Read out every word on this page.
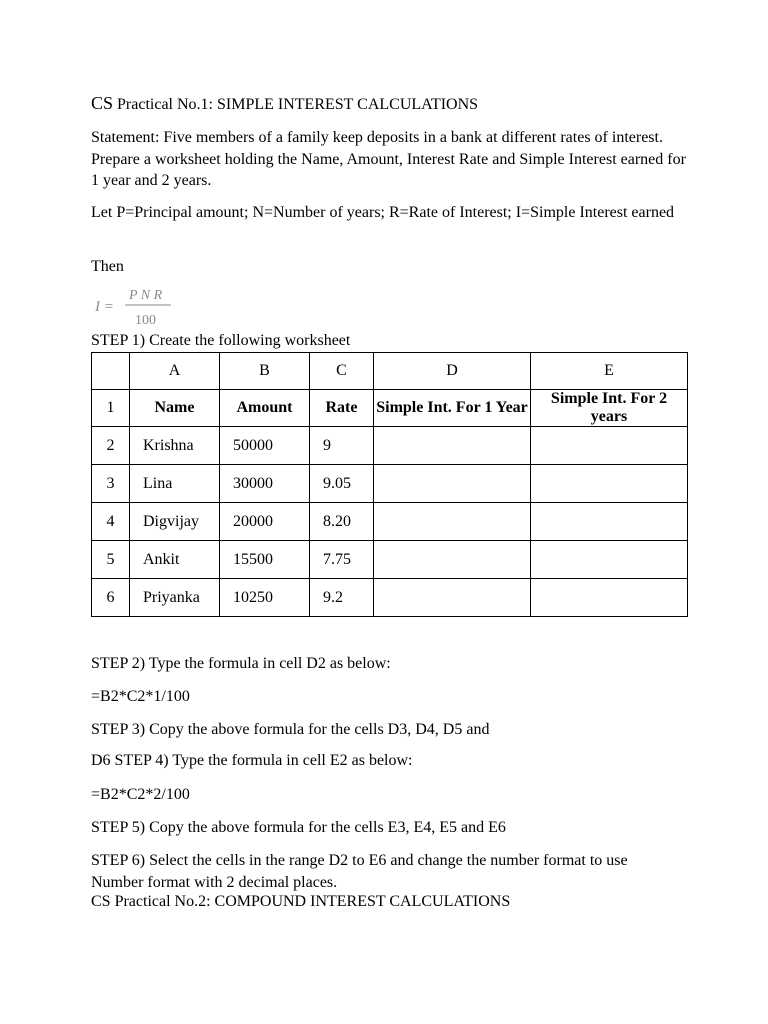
CS Practical No.1: SIMPLE INTEREST CALCULATIONS

Statement: Five members of a family keep deposits in a bank at different rates of interest. Prepare a worksheet holding the Name, Amount, Interest Rate and Simple Interest earned for 1 year and 2 years.

Let P=Principal amount; N=Number of years; R=Rate of Interest; I=Simple Interest earned

Then

I =
P N R
100

STEP 1) Create the following worksheet

	A	B	C	D	E
1	Name	Amount	Rate	Simple Int. For 1 Year	Simple Int. For 2 years
2	Krishna	50000	9		
3	Lina	30000	9.05		
4	Digvijay	20000	8.20		
5	Ankit	15500	7.75		
6	Priyanka	10250	9.2		

STEP 2) Type the formula in cell D2 as below:

=B2*C2*1/100

STEP 3) Copy the above formula for the cells D3, D4, D5 and

D6 STEP 4) Type the formula in cell E2 as below:

=B2*C2*2/100

STEP 5) Copy the above formula for the cells E3, E4, E5 and E6

STEP 6) Select the cells in the range D2 to E6 and change the number format to use Number format with 2 decimal places.

CS Practical No.2: COMPOUND INTEREST CALCULATIONS
